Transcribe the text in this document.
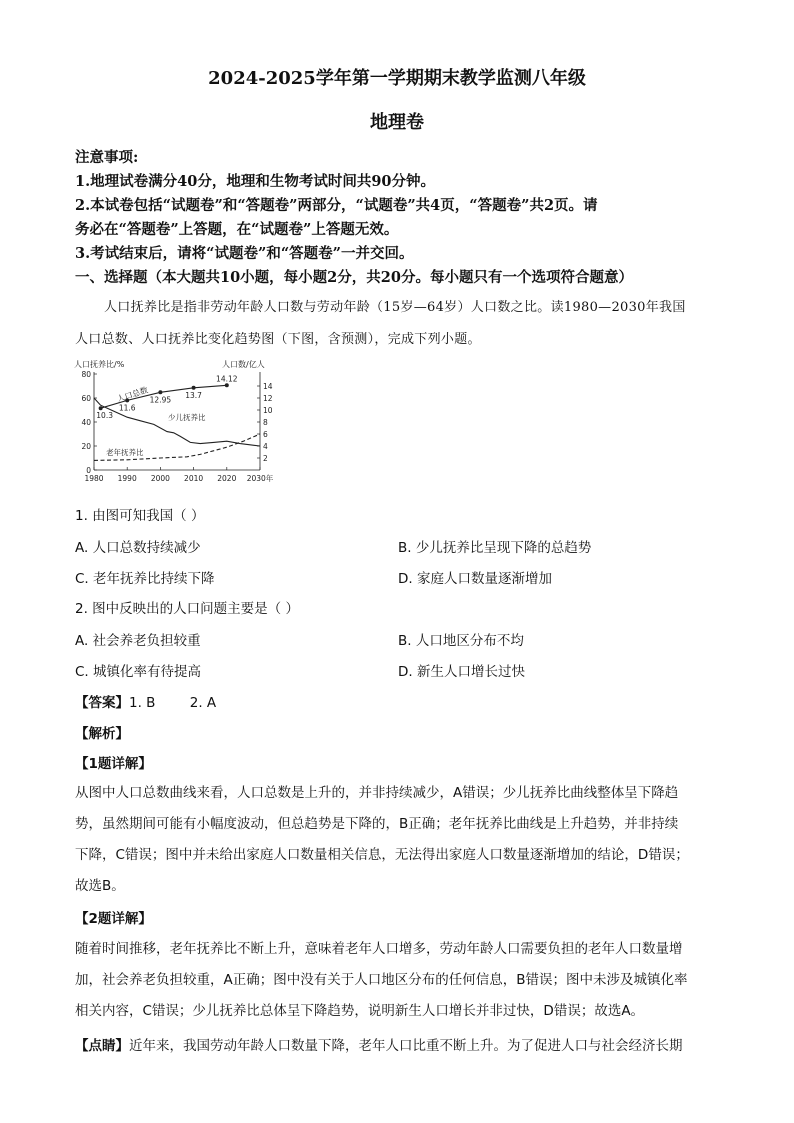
2024-2025学年第一学期期末教学监测八年级
地理卷
注意事项:
1.地理试卷满分40分，地理和生物考试时间共90分钟。
2.本试卷包括“试题卷”和“答题卷”两部分，“试题卷”共4页，“答题卷”共2页。请
务必在“答题卷”上答题，在“试题卷”上答题无效。
3.考试结束后，请将“试题卷”和“答题卷”一并交回。
一、选择题（本大题共10小题，每小题2分，共20分。每小题只有一个选项符合题意）
人口抚养比是指非劳动年龄人口数与劳动年龄（15岁—64岁）人口数之比。读1980—2030年我国
人口总数、人口抚养比变化趋势图（下图，含预测），完成下列小题。
人口抚养比/%	人口数/亿人
0
20
40
60
80
2
4
6
8
10
12
14
1980 1990 2000 2010 2020 2030年
10.3
11.6
12.95 13.7
14.12
人口总数
少儿抚养比
老年抚养比
1. 由图可知我国（ ）
A. 人口总数持续减少	B. 少儿抚养比呈现下降的总趋势
C. 老年抚养比持续下降	D. 家庭人口数量逐渐增加
2. 图中反映出的人口问题主要是（ ）
A. 社会养老负担较重	B. 人口地区分布不均
C. 城镇化率有待提高	D. 新生人口增长过快
【答案】1. B        2. A
【解析】
【1题详解】
从图中人口总数曲线来看，人口总数是上升的，并非持续减少，A错误；少儿抚养比曲线整体呈下降趋
势，虽然期间可能有小幅度波动，但总趋势是下降的，B正确；老年抚养比曲线是上升趋势，并非持续
下降，C错误；图中并未给出家庭人口数量相关信息，无法得出家庭人口数量逐渐增加的结论，D错误；
故选B。
【2题详解】
随着时间推移，老年抚养比不断上升，意味着老年人口增多，劳动年龄人口需要负担的老年人口数量增
加，社会养老负担较重，A正确；图中没有关于人口地区分布的任何信息，B错误；图中未涉及城镇化率
相关内容，C错误；少儿抚养比总体呈下降趋势，说明新生人口增长并非过快，D错误；故选A。
【点睛】近年来，我国劳动年龄人口数量下降，老年人口比重不断上升。为了促进人口与社会经济长期
